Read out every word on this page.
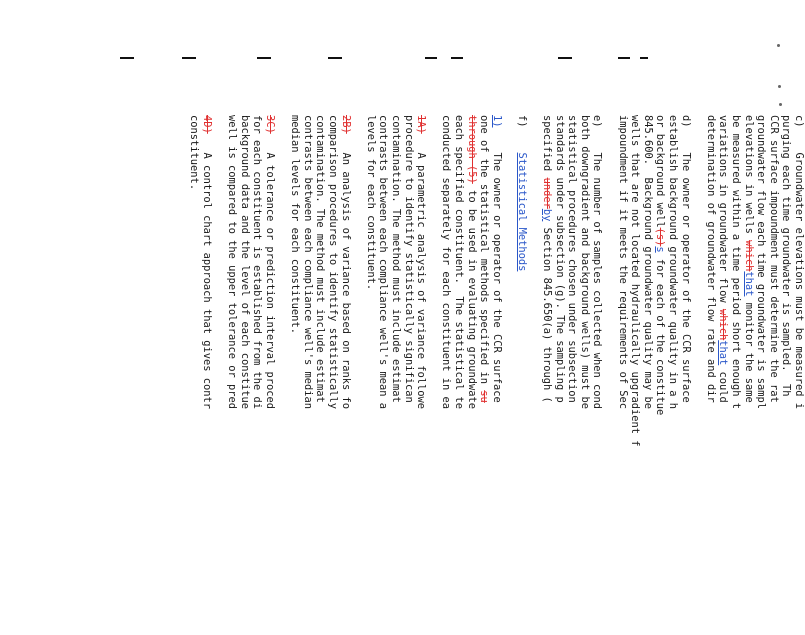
c)    Groundwater elevations must be measured i
purging each time groundwater is sampled.  Th
CCR surface impoundment must determine the rat
groundwater flow each time groundwater is sampl
elevations in wells whichthat monitor the same
be measured within a time period short enough t
variations in groundwater flow whichthat could
determination of groundwater flow rate and dir
d)    The owner or operator of the CCR surface
establish background groundwater quality in a h
or background well(s)s for each of the constitue
845.600.  Background groundwater quality may be
wells that are not located hydraulically upgradient f
impoundment if it meets the requirements of Sec
e)    The number of samples collected when cond
both downgradient and background wells) must be
statistical procedures chosen under subsection
standards under subsection (g). The sampling p
specified underby Section 845.650(a) through (
f)    Statistical Methods
1)    The owner or operator of the CCR surface
one of the statistical methods specified in su
through (5) to be used in evaluating groundwate
each specified constituent.  The statistical te
conducted separately for each constituent in ea
1A)   A parametric analysis of variance followe
procedure to identify statistically significan
contamination. The method must include estimat
contrasts between each compliance well's mean a
levels for each constituent.
2B)   An analysis of variance based on ranks fo
comparison procedures to identify statistically
contamination. The method must include estimat
contrasts between each compliance well's median
median levels for each constituent.
3C)   A tolerance or prediction interval proced
for each constituent is established from the di
background data and the level of each constitue
well is compared to the upper tolerance or pred
4D)   A control chart approach that gives contr
constituent.
